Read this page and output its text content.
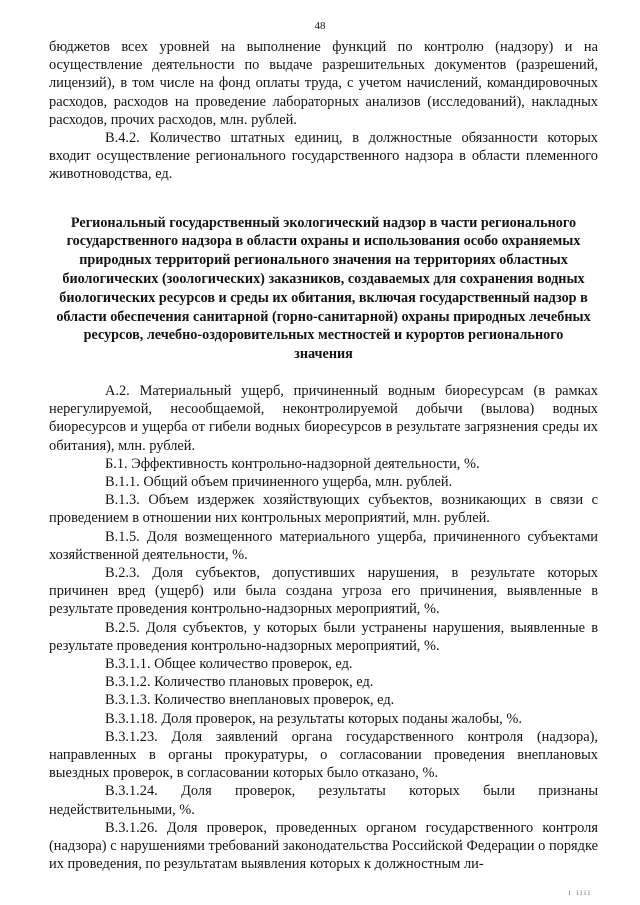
48

бюджетов всех уровней на выполнение функций по контролю (надзору) и на осуществление деятельности по выдаче разрешительных документов (разрешений, лицензий), в том числе на фонд оплаты труда, с учетом начислений, командировочных расходов, расходов на проведение лабораторных анализов (исследований), накладных расходов, прочих расходов, млн. рублей.

В.4.2. Количество штатных единиц, в должностные обязанности которых входит осуществление регионального государственного надзора в области племенного животноводства, ед.

Региональный государственный экологический надзор в части регионального государственного надзора в области охраны и использования особо охраняемых природных территорий регионального значения на территориях областных биологических (зоологических) заказников, создаваемых для сохранения водных биологических ресурсов и среды их обитания, включая государственный надзор в области обеспечения санитарной (горно-санитарной) охраны природных лечебных ресурсов, лечебно-оздоровительных местностей и курортов регионального значения

А.2. Материальный ущерб, причиненный водным биоресурсам (в рамках нерегулируемой, несообщаемой, неконтролируемой добычи (вылова) водных биоресурсов и ущерба от гибели водных биоресурсов в результате загрязнения среды их обитания), млн. рублей.

Б.1. Эффективность контрольно-надзорной деятельности, %.

В.1.1. Общий объем причиненного ущерба, млн. рублей.

В.1.3. Объем издержек хозяйствующих субъектов, возникающих в связи с проведением в отношении них контрольных мероприятий, млн. рублей.

В.1.5. Доля возмещенного материального ущерба, причиненного субъектами хозяйственной деятельности, %.

В.2.3. Доля субъектов, допустивших нарушения, в результате которых причинен вред (ущерб) или была создана угроза его причинения, выявленные в результате проведения контрольно-надзорных мероприятий, %.

В.2.5. Доля субъектов, у которых были устранены нарушения, выявленные в результате проведения контрольно-надзорных мероприятий, %.

В.3.1.1. Общее количество проверок, ед.

В.3.1.2. Количество плановых проверок, ед.

В.3.1.3. Количество внеплановых проверок, ед.

В.3.1.18. Доля проверок, на результаты которых поданы жалобы, %.

В.3.1.23. Доля заявлений органа государственного контроля (надзора), направленных в органы прокуратуры, о согласовании проведения внеплановых выездных проверок, в согласовании которых было отказано, %.

В.3.1.24. Доля проверок, результаты которых были признаны недействительными, %.

В.3.1.26. Доля проверок, проведенных органом государственного контроля (надзора) с нарушениями требований законодательства Российской Федерации о порядке их проведения, по результатам выявления которых к должностным ли-

i iiii
